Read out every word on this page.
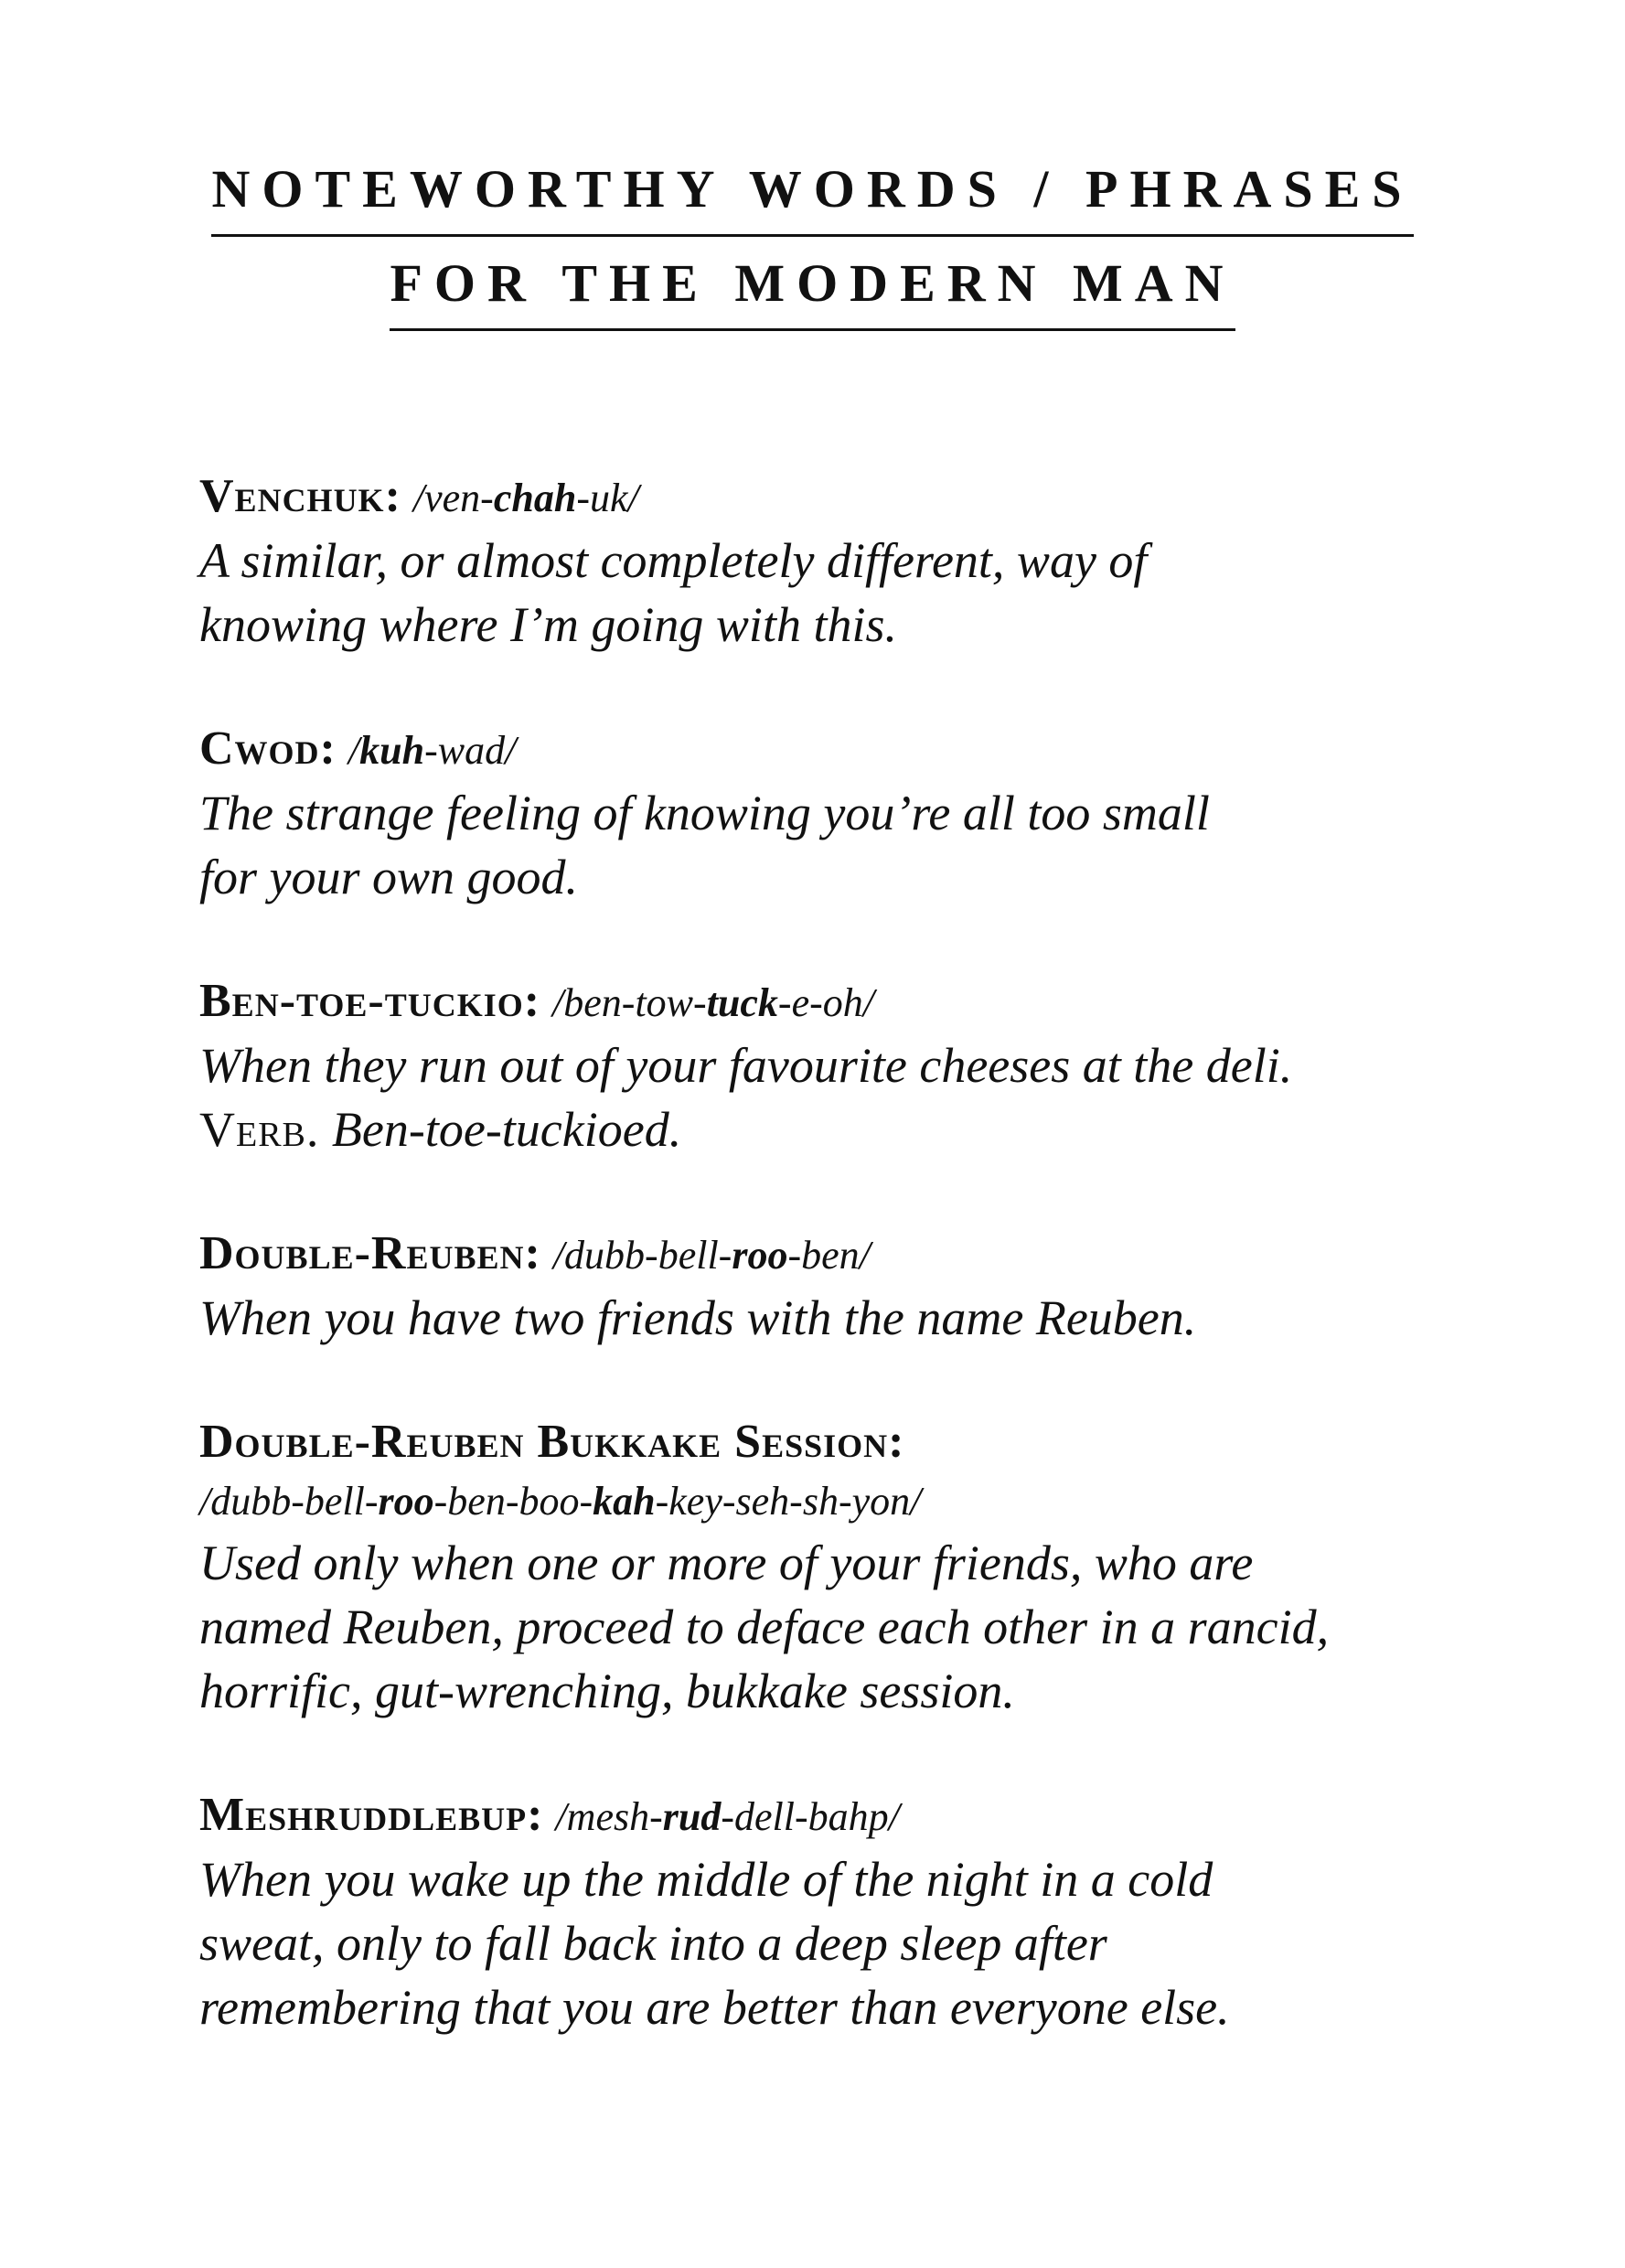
NOTEWORTHY WORDS / PHRASES
FOR THE MODERN MAN
Venchuk: /ven-chah-uk/
A similar, or almost completely different, way of
knowing where I’m going with this.
Cwod: /kuh-wad/
The strange feeling of knowing you’re all too small
for your own good.
Ben-toe-tuckio: /ben-tow-tuck-e-oh/
When they run out of your favourite cheeses at the deli.
Verb. Ben-toe-tuckioed.
Double-Reuben: /dubb-bell-roo-ben/
When you have two friends with the name Reuben.
Double-Reuben Bukkake Session:
/dubb-bell-roo-ben-boo-kah-key-seh-sh-yon/
Used only when one or more of your friends, who are
named Reuben, proceed to deface each other in a rancid,
horrific, gut-wrenching, bukkake session.
Meshruddlebup: /mesh-rud-dell-bahp/
When you wake up the middle of the night in a cold
sweat, only to fall back into a deep sleep after
remembering that you are better than everyone else.
